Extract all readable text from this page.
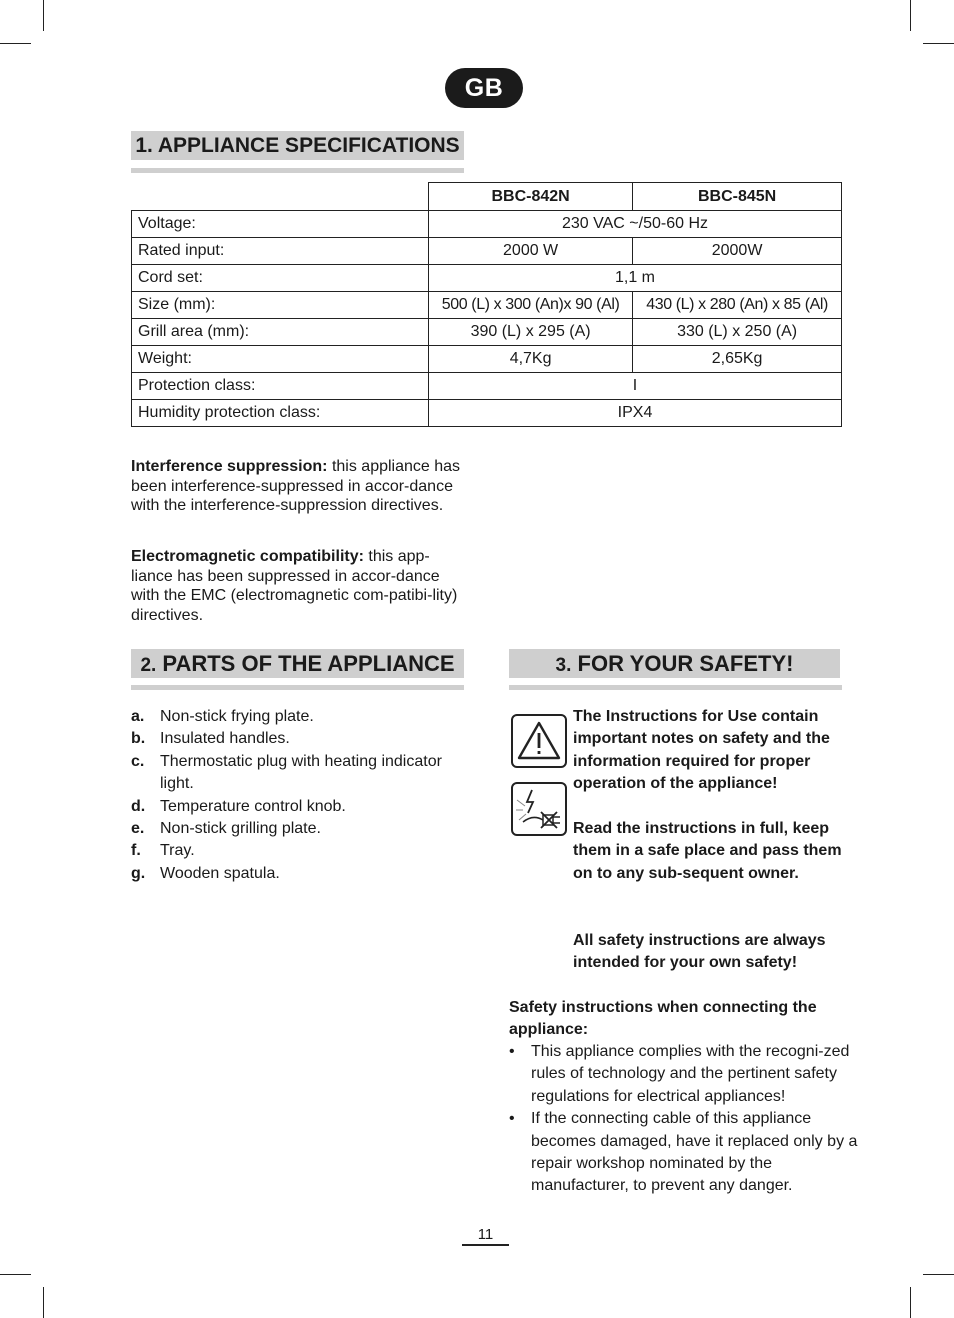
GB
1. APPLIANCE SPECIFICATIONS
	BBC-842N	BBC-845N
Voltage:	230 VAC ~/50-60 Hz	
Rated input:	2000 W	2000W
Cord set:	1,1 m	
Size (mm):	500 (L) x 300 (An)x 90 (Al)	430 (L) x 280 (An) x 85 (Al)
Grill area (mm):	390 (L) x 295 (A)	330 (L) x 250 (A)
Weight:	4,7Kg	2,65Kg
Protection class:	I	
Humidity protection class:	IPX4	
Interference suppression: this appliance has been interference-suppressed in accor-dance with the interference-suppression directives.
Electromagnetic compatibility: this app-liance has been suppressed in accor-dance with the EMC (electromagnetic com-patibi-lity) directives.
2. PARTS OF THE APPLIANCE
a. Non-stick frying plate.
b. Insulated handles.
c. Thermostatic plug with heating indicator light.
d. Temperature control knob.
e. Non-stick grilling plate.
f. Tray.
g. Wooden spatula.
3. FOR YOUR SAFETY!
The Instructions for Use contain important notes on safety and the information required for proper operation of the appliance!
Read the instructions in full, keep them in a safe place and pass them on to any sub-sequent owner.
All safety instructions are always intended for your own safety!
Safety instructions when connecting the appliance:
• This appliance complies with the recogni-zed rules of technology and the pertinent safety regulations for electrical appliances!
• If the connecting cable of this appliance becomes damaged, have it replaced only by a repair workshop nominated by the manufacturer, to prevent any danger.
11
